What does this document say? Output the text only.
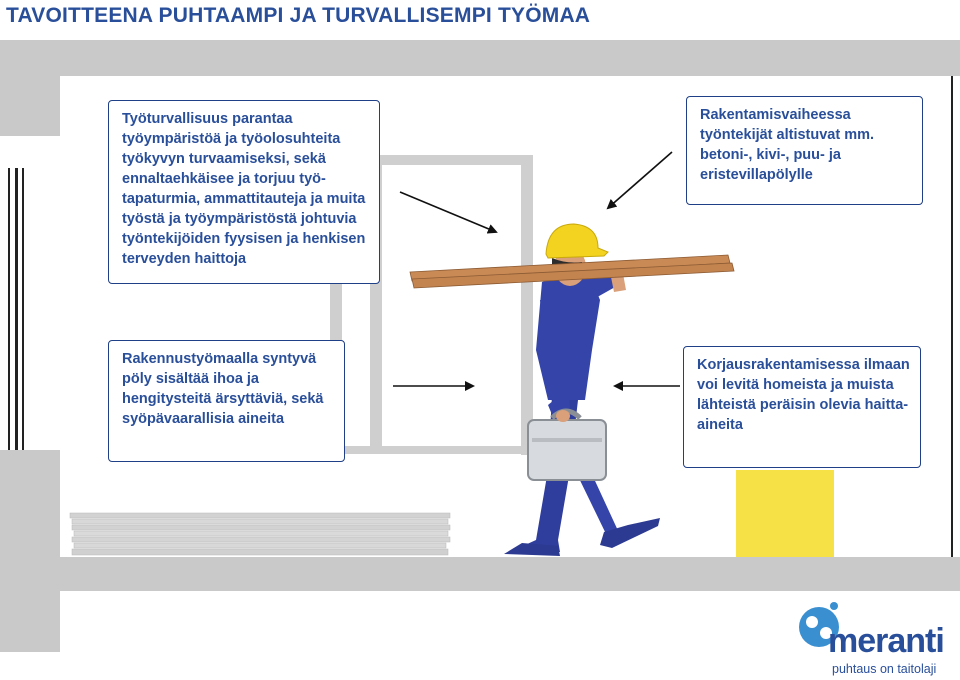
TAVOITTEENA PUHTAAMPI JA TURVALLISEMPI TYÖMAA

Työturvallisuus parantaa työympäristöä ja työolosuhteita työkyvyn turvaamiseksi, sekä ennaltaehkäisee ja torjuu työ-tapaturmia, ammattitauteja ja muita työstä ja työympäristöstä johtuvia työntekijöiden fyysisen ja henkisen terveyden haittoja

Rakentamisvaiheessa työntekijät altistuvat mm. betoni-, kivi-, puu- ja eristevillapölylle

Rakennustyömaalla syntyvä pöly sisältää ihoa ja hengitysteitä ärsyttäviä, sekä syöpävaarallisia aineita

Korjausrakentamisessa ilmaan voi levitä homeista ja muista lähteistä peräisin olevia haitta-aineita

meranti

puhtaus on taitolaji
